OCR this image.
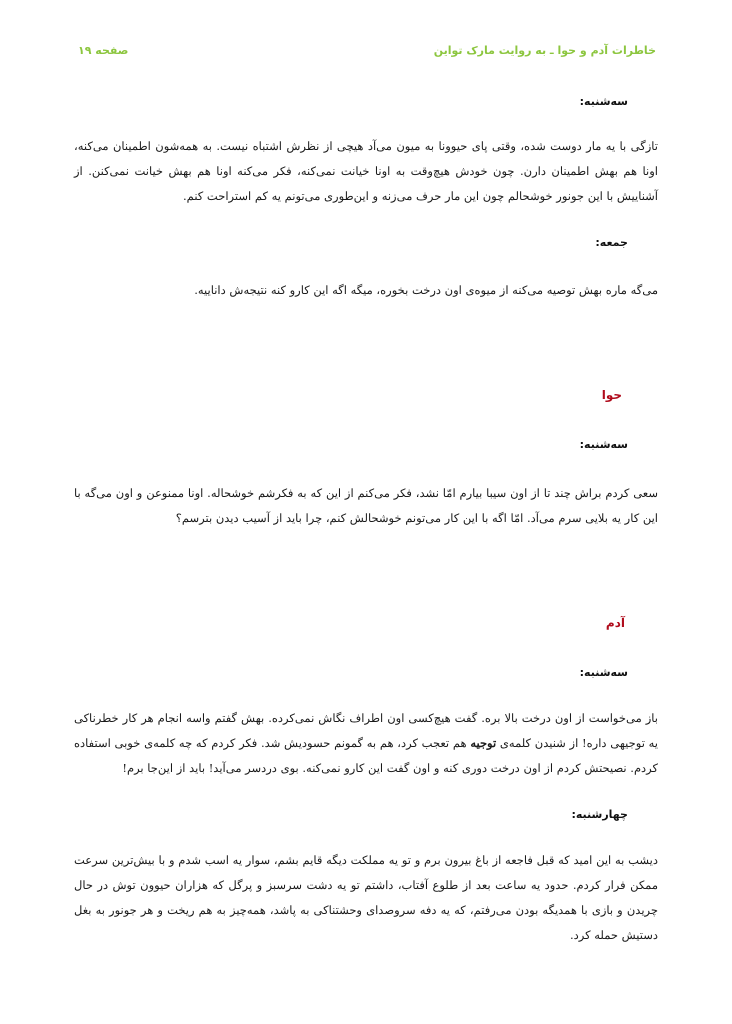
خاطرات آدم و حوا ـ به روایت مارک تواین
صفحه ۱۹
سه‌شنبه:

تازگی با یه مار دوست شده، وقتی پای حیوونا به میون می‌آد هیچی از نظرش اشتباه نیست. به همه‌شون اطمینان می‌کنه، اونا هم بهش اطمینان دارن. چون خودش هیچ‌وقت به اونا خیانت نمی‌کنه، فکر می‌کنه اونا هم بهش خیانت نمی‌کنن. از آشناییش با این جونور خوشحالم چون این مار حرف می‌زنه و این‌طوری می‌تونم یه کم استراحت کنم.

جمعه:

می‌گه ماره بهش توصیه می‌کنه از میوه‌ی اون درخت بخوره، میگه اگه این کارو کنه نتیجه‌ش داناییه.

حوا
سه‌شنبه:

سعی کردم براش چند تا از اون سیبا بیارم امّا نشد، فکر می‌کنم از این که به فکرشم خوشحاله. اونا ممنوعن و اون می‌گه با این کار یه بلایی سرم می‌آد. امّا اگه با این کار می‌تونم خوشحالش کنم، چرا باید از آسیب دیدن بترسم؟

آدم
سه‌شنبه:

باز می‌خواست از اون درخت بالا بره. گفت هیچ‌کسی اون اطراف نگاش نمی‌کرده. بهش گفتم واسه انجام هر کار خطرناکی یه توجیهی داره! از شنیدن کلمه‌ی توجیه هم تعجب کرد، هم به گمونم حسودیش شد. فکر کردم که چه کلمه‌ی خوبی استفاده کردم. نصیحتش کردم از اون درخت دوری کنه و اون گفت این کارو نمی‌کنه. بوی دردسر می‌آید! باید از این‌جا برم!

چهارشنبه:

دیشب به این امید که قبل فاجعه از باغ بیرون برم و تو یه مملکت دیگه قایم بشم، سوار یه اسب شدم و با بیش‌ترین سرعت ممکن فرار کردم. حدود یه ساعت بعد از طلوع آفتاب، داشتم تو یه دشت سرسبز و پرگل که هزاران حیوون توش در حال چریدن و بازی با همدیگه بودن می‌رفتم، که یه دفه سروصدای وحشتناکی به پاشد، همه‌چیز به هم ریخت و هر جونور به بغل دستیش حمله کرد.
